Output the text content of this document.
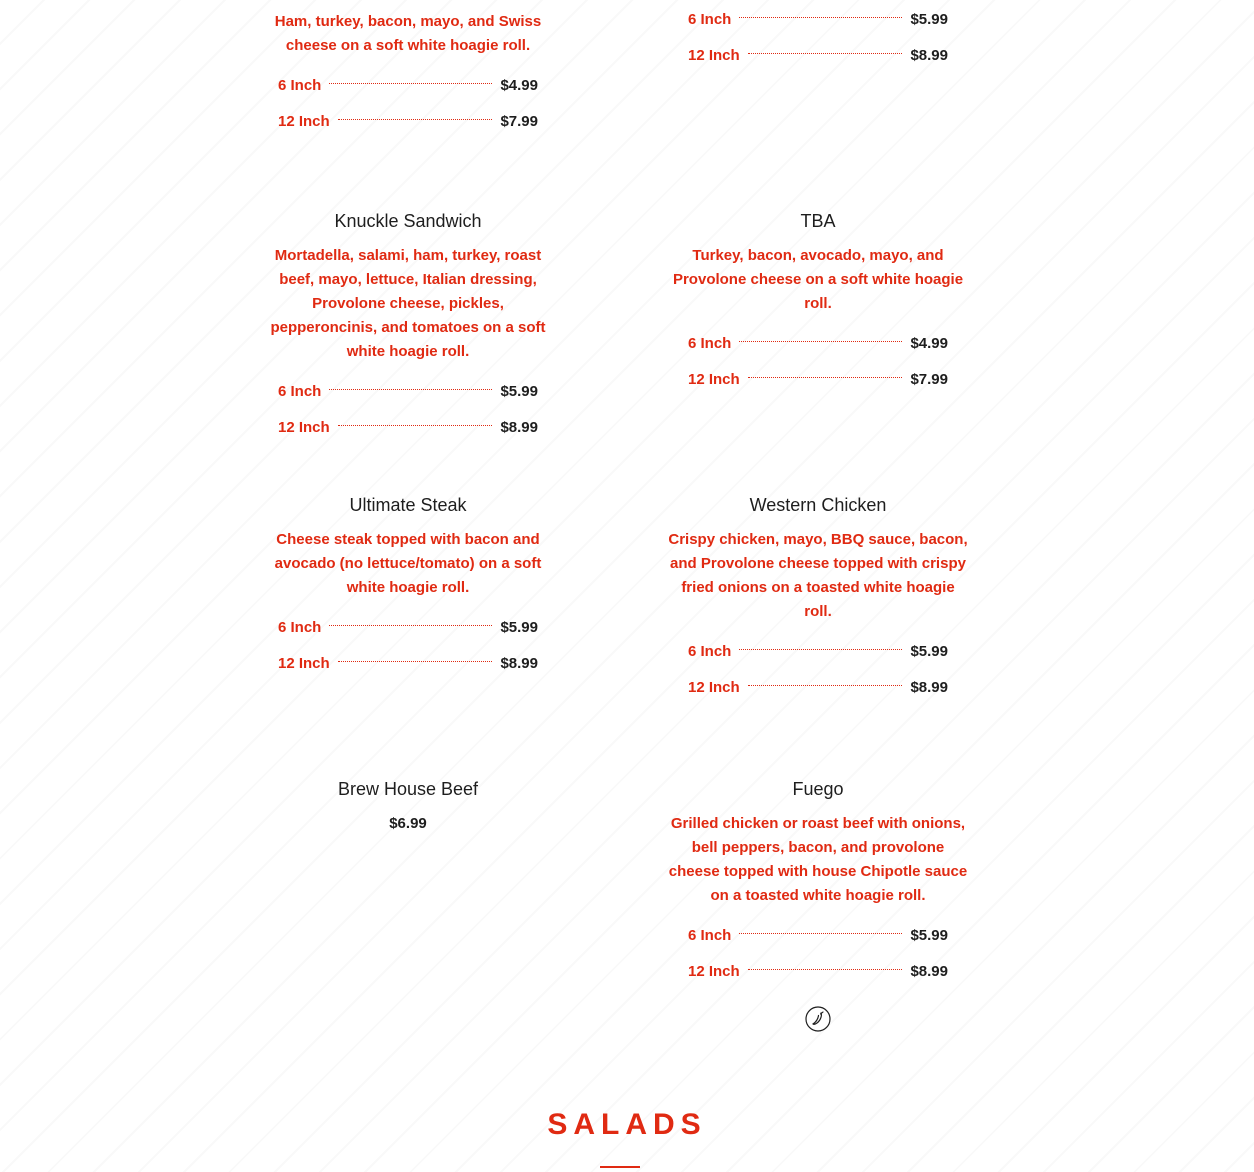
Ham, turkey, bacon, mayo, and Swiss cheese on a soft white hoagie roll.
6 Inch	$4.99
12 Inch	$7.99
6 Inch	$5.99
12 Inch	$8.99
Knuckle Sandwich
Mortadella, salami, ham, turkey, roast beef, mayo, lettuce, Italian dressing, Provolone cheese, pickles, pepperoncinis, and tomatoes on a soft white hoagie roll.
6 Inch	$5.99
12 Inch	$8.99
TBA
Turkey, bacon, avocado, mayo, and Provolone cheese on a soft white hoagie roll.
6 Inch	$4.99
12 Inch	$7.99
Ultimate Steak
Cheese steak topped with bacon and avocado (no lettuce/tomato) on a soft white hoagie roll.
6 Inch	$5.99
12 Inch	$8.99
Western Chicken
Crispy chicken, mayo, BBQ sauce, bacon, and Provolone cheese topped with crispy fried onions on a toasted white hoagie roll.
6 Inch	$5.99
12 Inch	$8.99
Brew House Beef
$6.99
Fuego
Grilled chicken or roast beef with onions, bell peppers, bacon, and provolone cheese topped with house Chipotle sauce on a toasted white hoagie roll.
6 Inch	$5.99
12 Inch	$8.99
SALADS
